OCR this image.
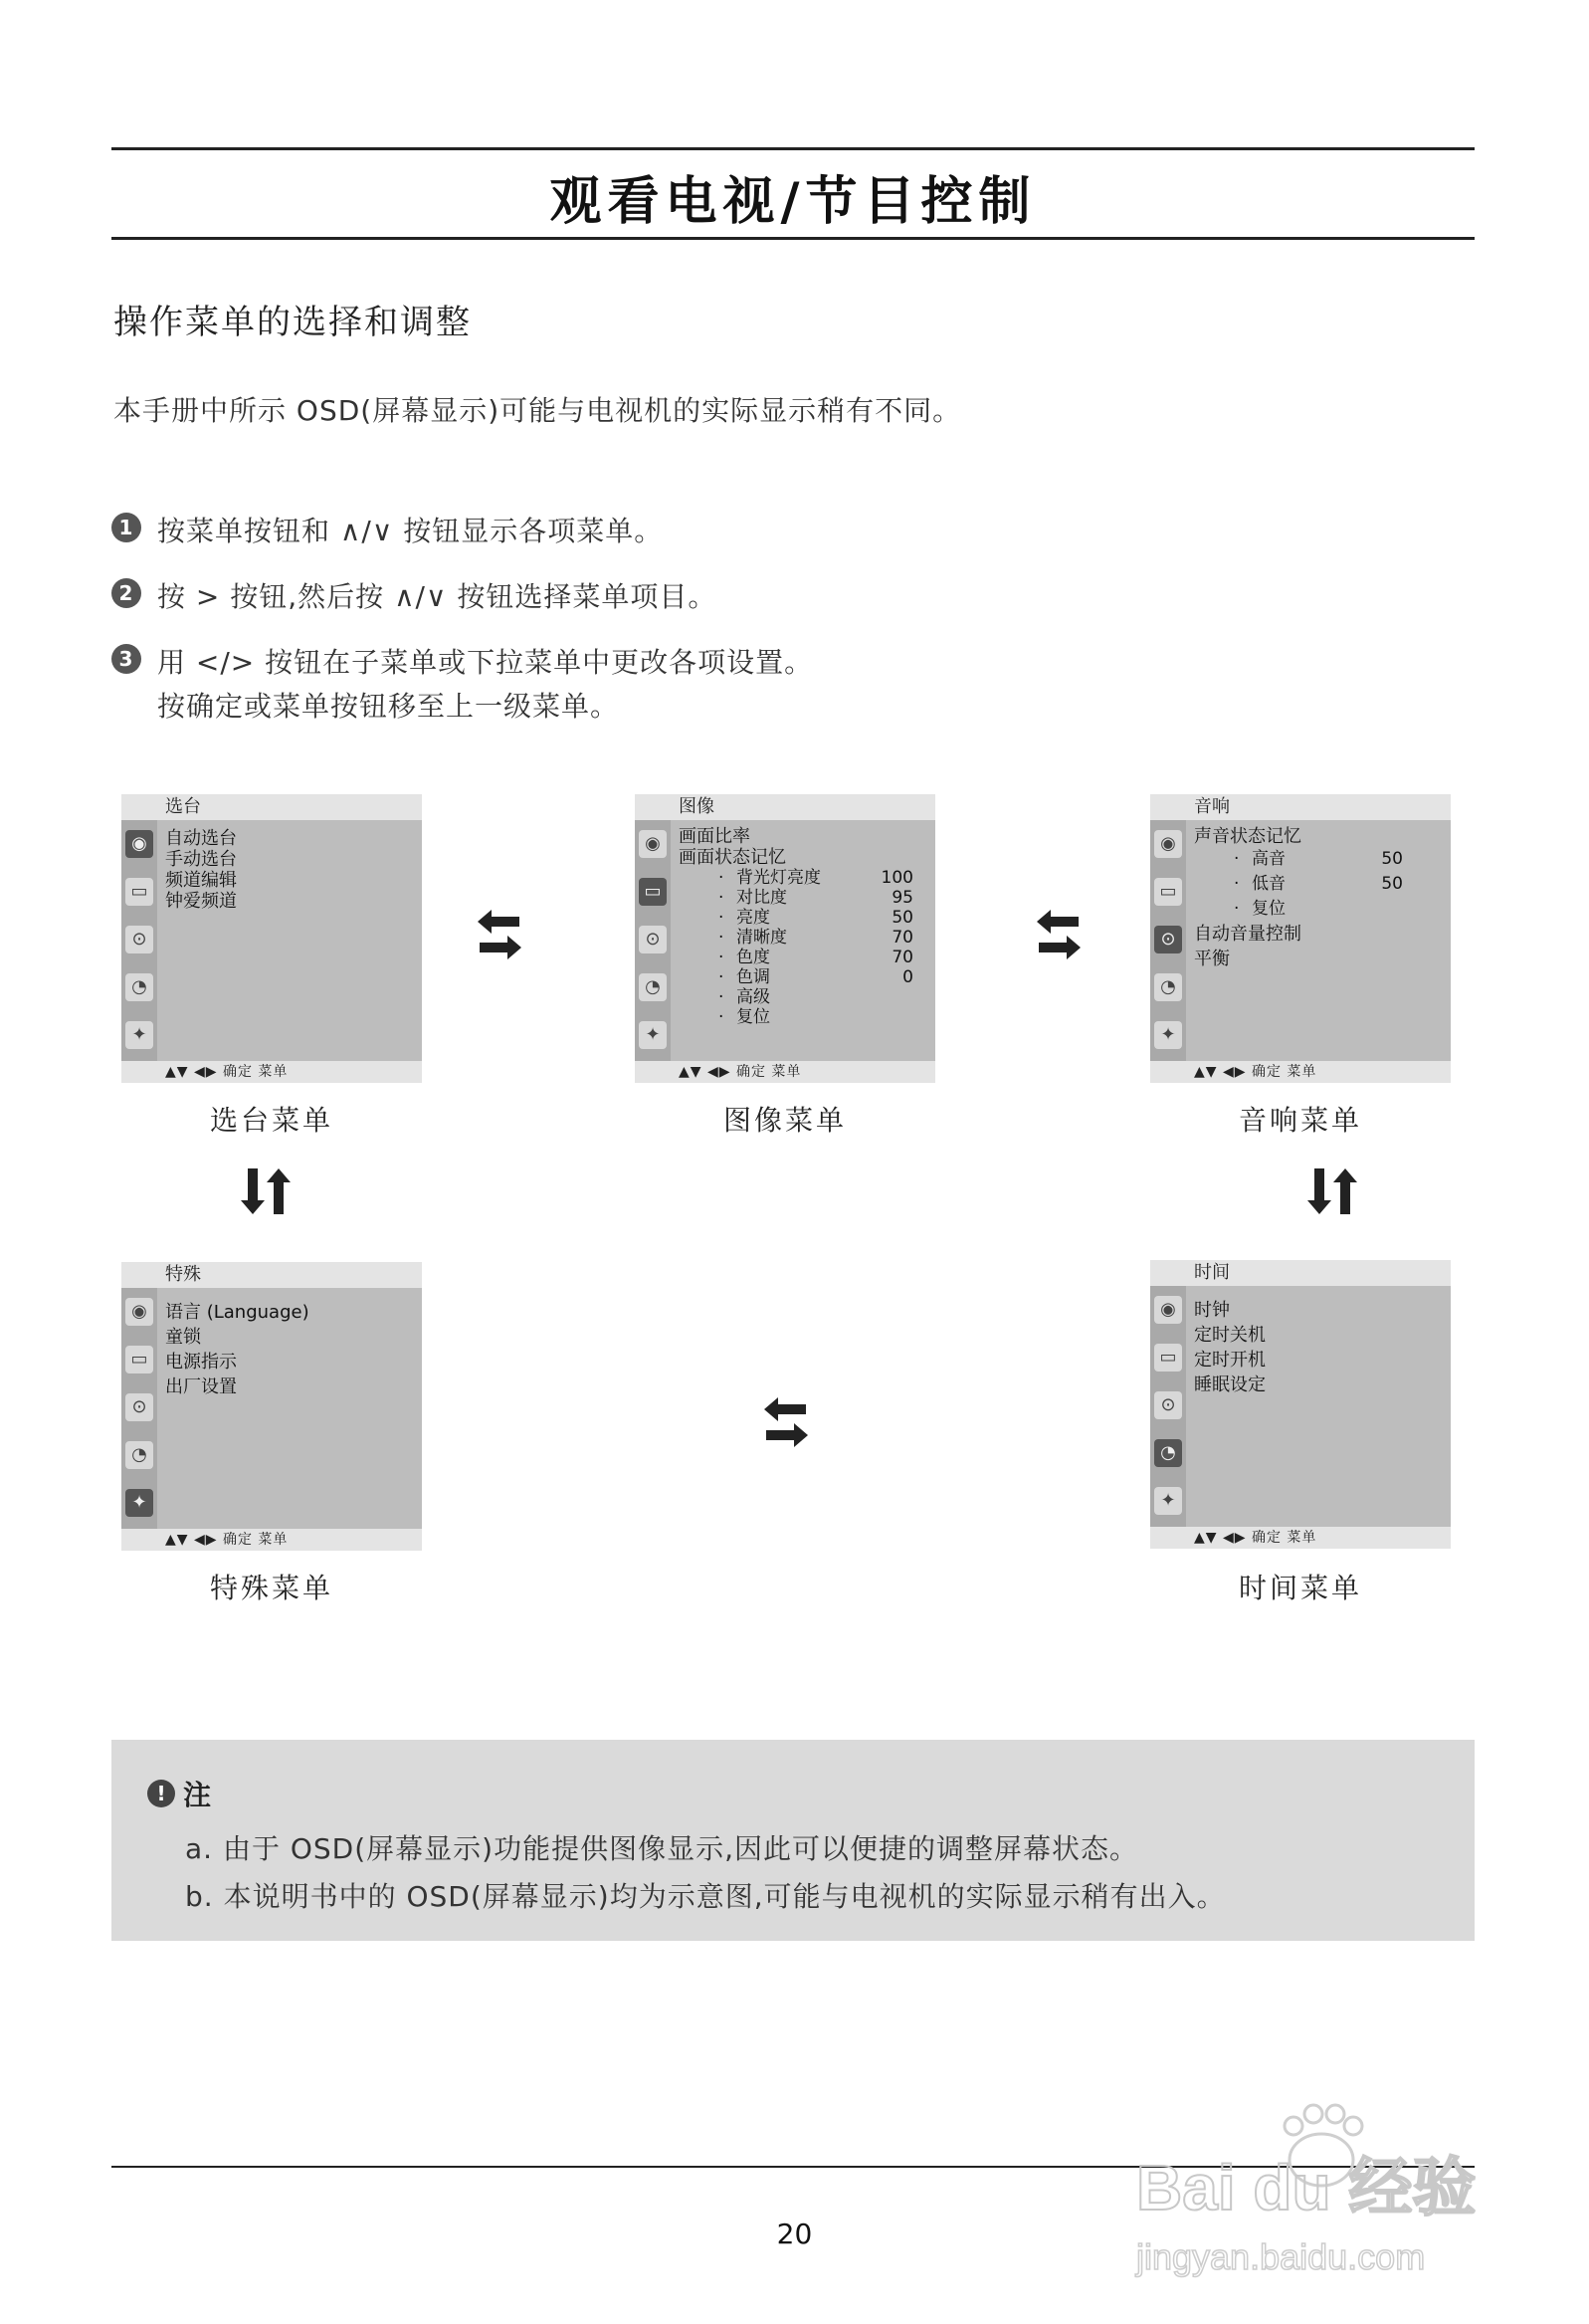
观看电视/节目控制
操作菜单的选择和调整
本手册中所示 OSD(屏幕显示)可能与电视机的实际显示稍有不同。
1 按菜单按钮和 ∧/∨ 按钮显示各项菜单。
2 按 > 按钮,然后按 ∧/∨ 按钮选择菜单项目。
3 用 </> 按钮在子菜单或下拉菜单中更改各项设置。
按确定或菜单按钮移至上一级菜单。
选台
◉
▭
⊙
◔
✦
自动选台
手动选台
频道编辑
钟爱频道
▲▼ ◀▶ 确定 菜单
选台菜单
图像
◉
▭
⊙
◔
✦
画面比率
画面状态记忆
· 背光灯亮度	100
· 对比度	95
· 亮度	50
· 清晰度	70
· 色度	70
· 色调	0
· 高级
· 复位
▲▼ ◀▶ 确定 菜单
图像菜单
音响
◉
▭
⊙
◔
✦
声音状态记忆
· 高音	50
· 低音	50
· 复位
自动音量控制
平衡
▲▼ ◀▶ 确定 菜单
音响菜单
特殊
◉
▭
⊙
◔
✦
语言 (Language)
童锁
电源指示
出厂设置
▲▼ ◀▶ 确定 菜单
特殊菜单
时间
◉
▭
⊙
◔
✦
时钟
定时关机
定时开机
睡眠设定
▲▼ ◀▶ 确定 菜单
时间菜单
! 注
a. 由于 OSD(屏幕显示)功能提供图像显示,因此可以便捷的调整屏幕状态。
b. 本说明书中的 OSD(屏幕显示)均为示意图,可能与电视机的实际显示稍有出入。
20
Bai du 经验
jingyan.baidu.com
